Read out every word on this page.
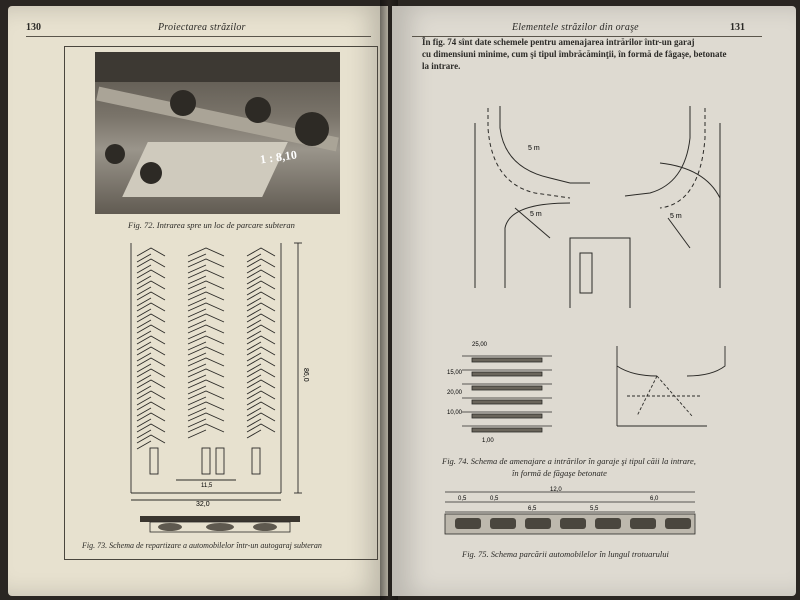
130	Proiectarea străzilor
1 : 8,10
Fig. 72. Intrarea spre un loc de parcare subteran
86,0
32,0
11,5
Fig. 73. Schema de repartizare a automobilelor într-un autogaraj subteran
Elementele străzilor din oraşe	131
În fig. 74 sînt date schemele pentru amenajarea intrărilor într-un garaj
cu dimensiuni minime, cum şi tipul îmbrăcăminţii, în formă de fâgaşe, betonate
la intrare.
5 m
5 m	5 m
25,00
15,00
20,00
10,00
1,00
Fig. 74. Schema de amenajare a intrărilor în garaje şi tipul căii la intrare,
în formă de făgaşe betonate
12,0
0,5	0,5
6,5	5,5
6,0
Fig. 75. Schema parcării automobilelor în lungul trotuarului
